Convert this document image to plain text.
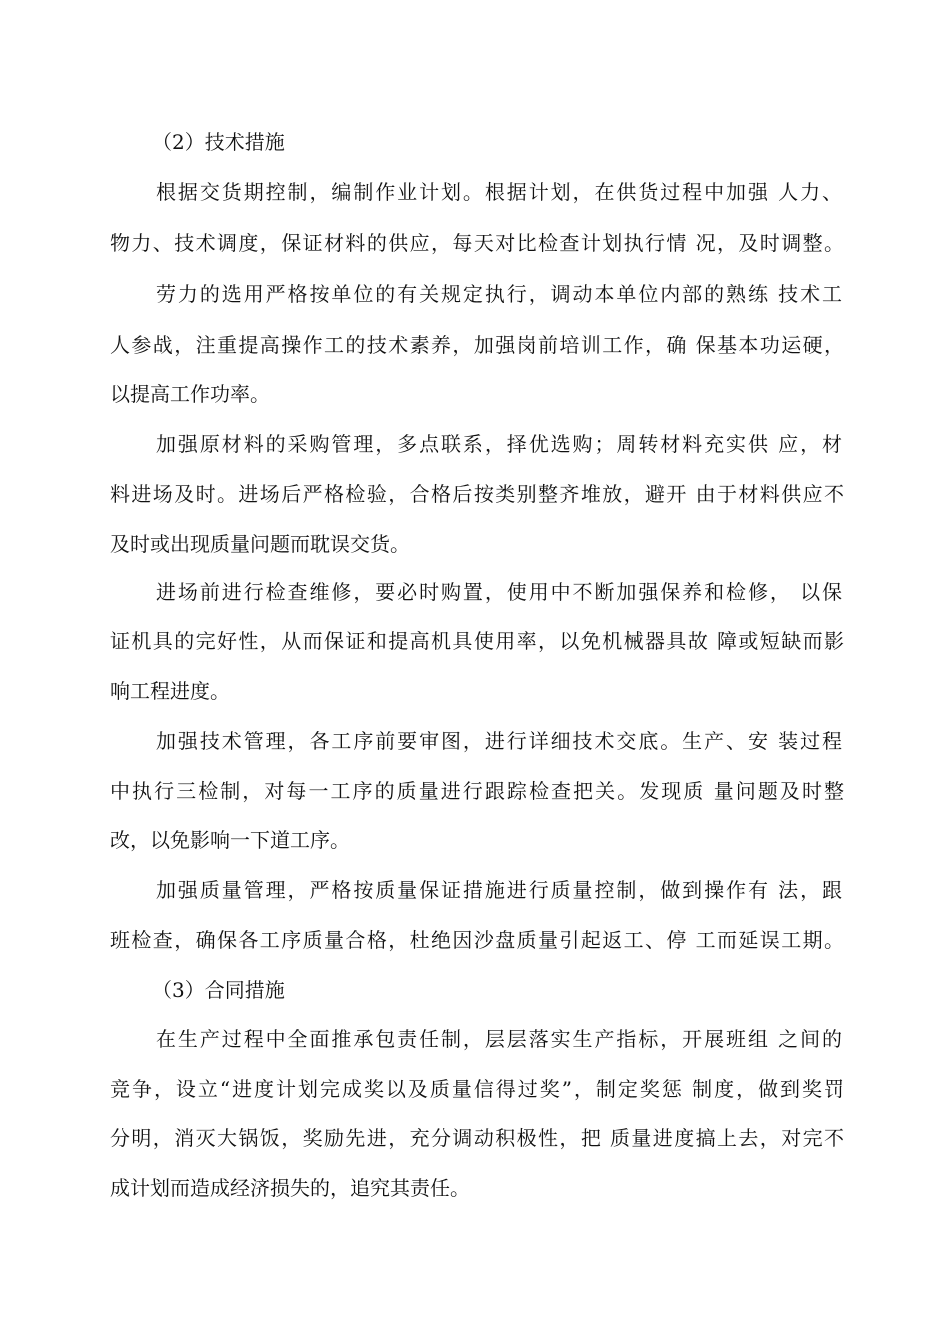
（2）技术措施
根据交货期控制，编制作业计划。根据计划，在供货过程中加强 人力、
物力、技术调度，保证材料的供应，每天对比检查计划执行情 况，及时调整。
劳力的选用严格按单位的有关规定执行，调动本单位内部的熟练 技术工
人参战，注重提高操作工的技术素养，加强岗前培训工作，确 保基本功运硬，
以提高工作功率。
加强原材料的采购管理，多点联系，择优选购；周转材料充实供 应，材
料进场及时。进场后严格检验，合格后按类别整齐堆放，避开 由于材料供应不
及时或出现质量问题而耽误交货。
进场前进行检查维修，要必时购置，使用中不断加强保养和检修， 以保
证机具的完好性，从而保证和提高机具使用率，以免机械器具故 障或短缺而影
响工程进度。
加强技术管理，各工序前要审图，进行详细技术交底。生产、安 装过程
中执行三检制，对每一工序的质量进行跟踪检查把关。发现质 量问题及时整
改，以免影响一下道工序。
加强质量管理，严格按质量保证措施进行质量控制，做到操作有 法，跟
班检查，确保各工序质量合格，杜绝因沙盘质量引起返工、停 工而延误工期。
（3）合同措施
在生产过程中全面推承包责任制，层层落实生产指标，开展班组 之间的
竞争，设立“进度计划完成奖以及质量信得过奖”，制定奖惩 制度，做到奖罚
分明，消灭大锅饭，奖励先进，充分调动积极性，把 质量进度搞上去，对完不
成计划而造成经济损失的，追究其责任。
